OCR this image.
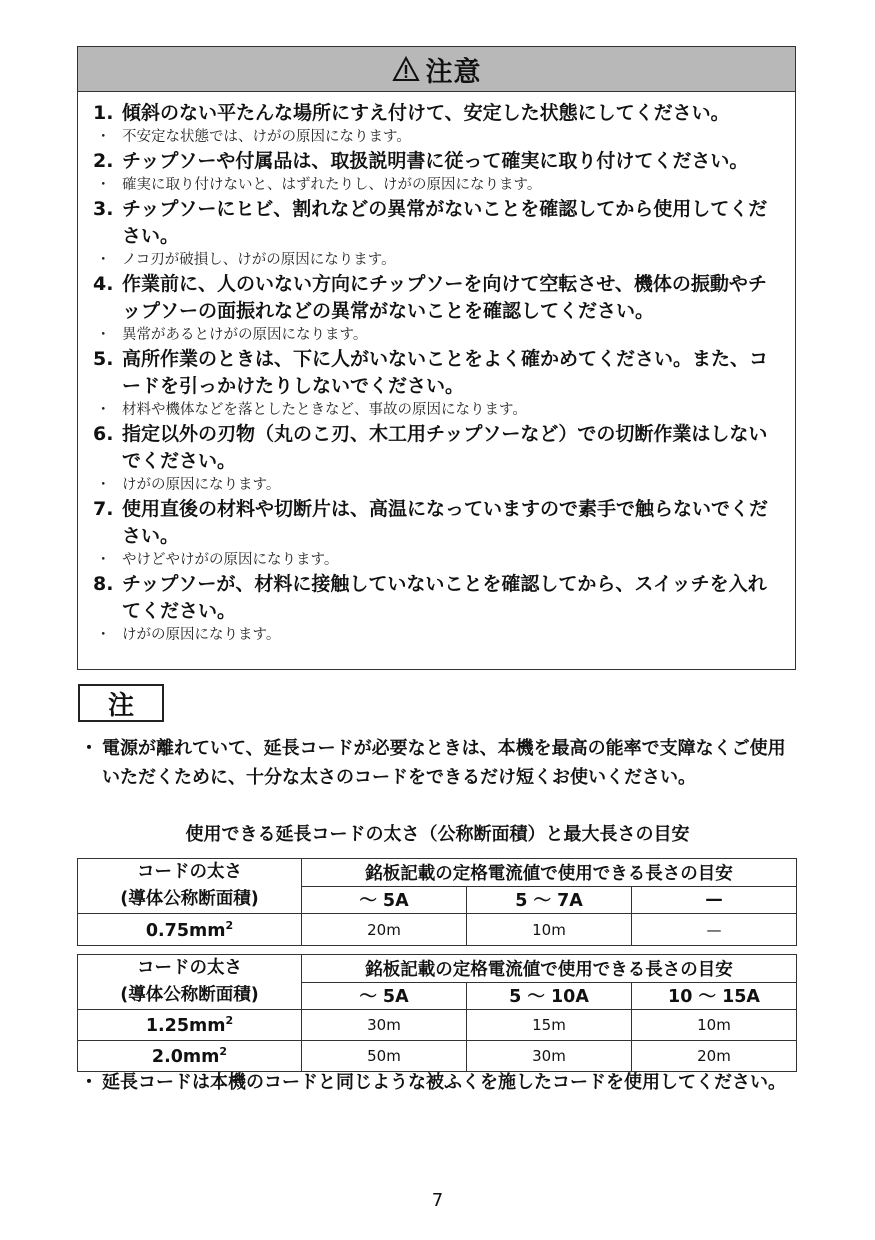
注意
1. 傾斜のない平たんな場所にすえ付けて、安定した状態にしてください。
・ 不安定な状態では、けがの原因になります。
2. チップソーや付属品は、取扱説明書に従って確実に取り付けてください。
・ 確実に取り付けないと、はずれたりし、けがの原因になります。
3. チップソーにヒビ、割れなどの異常がないことを確認してから使用してください。
・ ノコ刃が破損し、けがの原因になります。
4. 作業前に、人のいない方向にチップソーを向けて空転させ、機体の振動やチップソーの面振れなどの異常がないことを確認してください。
・ 異常があるとけがの原因になります。
5. 高所作業のときは、下に人がいないことをよく確かめてください。また、コードを引っかけたりしないでください。
・ 材料や機体などを落としたときなど、事故の原因になります。
6. 指定以外の刃物（丸のこ刃、木工用チップソーなど）での切断作業はしないでください。
・ けがの原因になります。
7. 使用直後の材料や切断片は、高温になっていますので素手で触らないでください。
・ やけどやけがの原因になります。
8. チップソーが、材料に接触していないことを確認してから、スイッチを入れてください。
・ けがの原因になります。
注
・ 電源が離れていて、延長コードが必要なときは、本機を最高の能率で支障なくご使用いただくために、十分な太さのコードをできるだけ短くお使いください。
使用できる延長コードの太さ（公称断面積）と最大長さの目安
コードの太さ
(導体公称断面積)	銘板記載の定格電流値で使用できる長さの目安		
	～ 5A	5 ～ 7A	—
$0.75mm^2$	20m	10m	—
コードの太さ
(導体公称断面積)	銘板記載の定格電流値で使用できる長さの目安		
	～ 5A	5 ～ 10A	10 ～ 15A
$1.25mm^2$	30m	15m	10m
$2.0mm^2$	50m	30m	20m
・ 延長コードは本機のコードと同じような被ふくを施したコードを使用してください。
7
